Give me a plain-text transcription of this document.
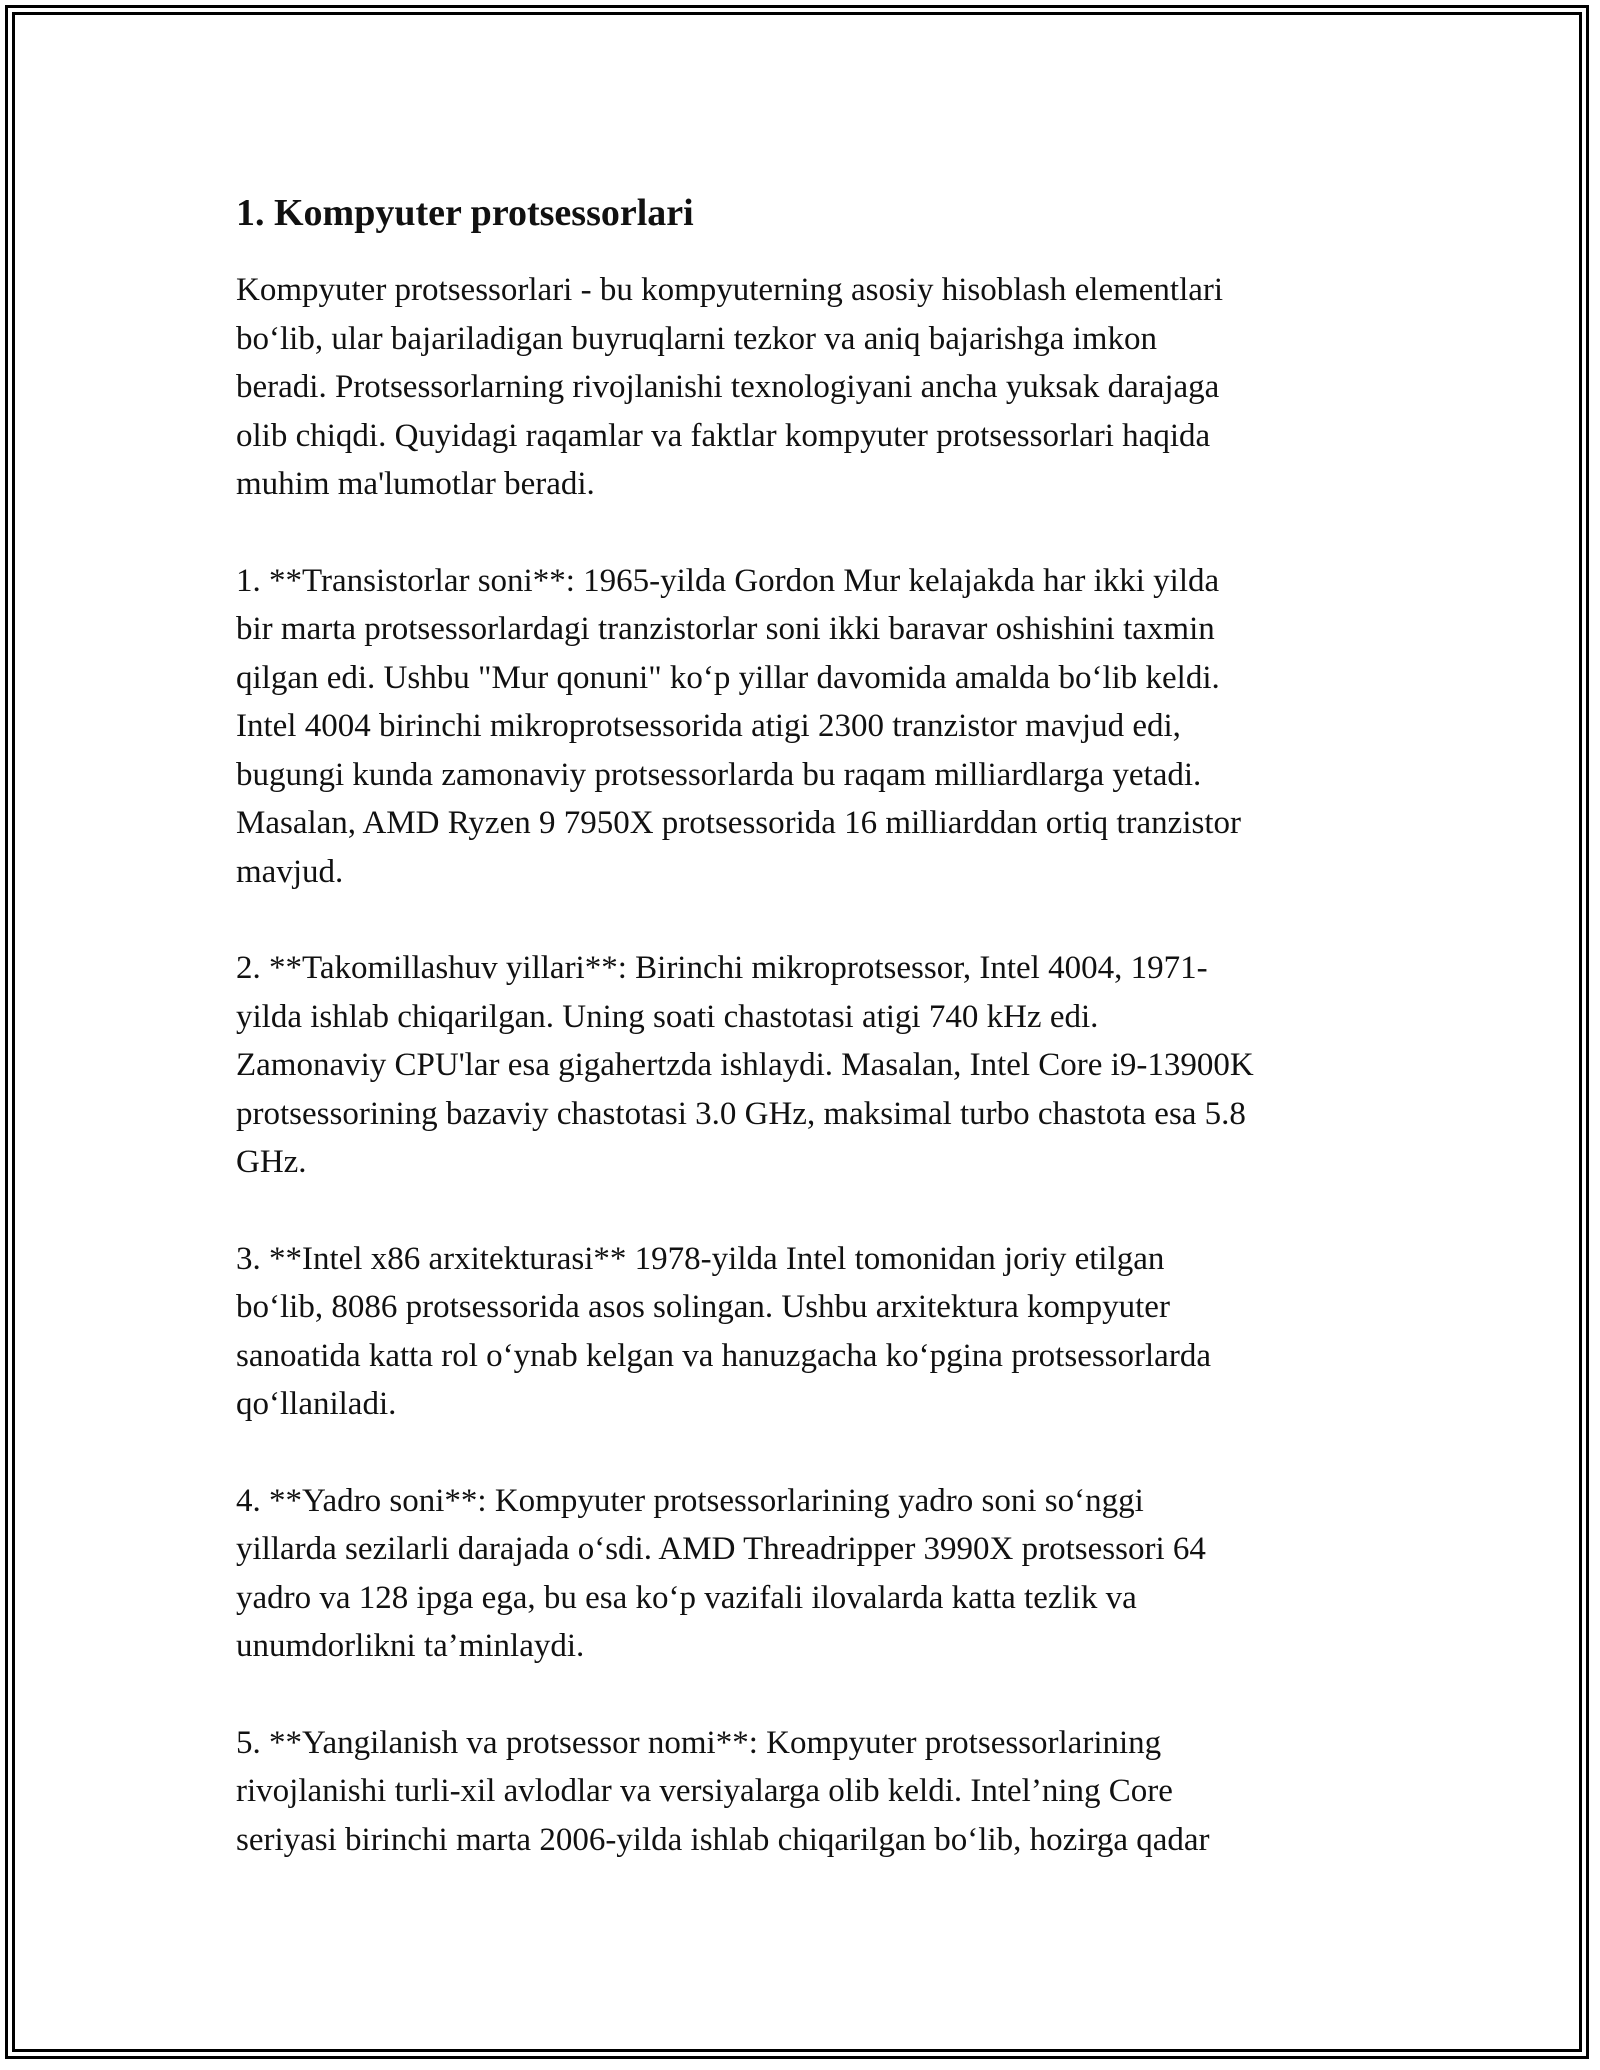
1. Kompyuter protsessorlari

Kompyuter protsessorlari - bu kompyuterning asosiy hisoblash elementlari
bo‘lib, ular bajariladigan buyruqlarni tezkor va aniq bajarishga imkon
beradi. Protsessorlarning rivojlanishi texnologiyani ancha yuksak darajaga
olib chiqdi. Quyidagi raqamlar va faktlar kompyuter protsessorlari haqida
muhim ma'lumotlar beradi.

1. **Transistorlar soni**: 1965-yilda Gordon Mur kelajakda har ikki yilda
bir marta protsessorlardagi tranzistorlar soni ikki baravar oshishini taxmin
qilgan edi. Ushbu "Mur qonuni" ko‘p yillar davomida amalda bo‘lib keldi.
Intel 4004 birinchi mikroprotsessorida atigi 2300 tranzistor mavjud edi,
bugungi kunda zamonaviy protsessorlarda bu raqam milliardlarga yetadi.
Masalan, AMD Ryzen 9 7950X protsessorida 16 milliarddan ortiq tranzistor
mavjud.

2. **Takomillashuv yillari**: Birinchi mikroprotsessor, Intel 4004, 1971-
yilda ishlab chiqarilgan. Uning soati chastotasi atigi 740 kHz edi.
Zamonaviy CPU'lar esa gigahertzda ishlaydi. Masalan, Intel Core i9-13900K
protsessorining bazaviy chastotasi 3.0 GHz, maksimal turbo chastota esa 5.8
GHz.

3. **Intel x86 arxitekturasi** 1978-yilda Intel tomonidan joriy etilgan
bo‘lib, 8086 protsessorida asos solingan. Ushbu arxitektura kompyuter
sanoatida katta rol o‘ynab kelgan va hanuzgacha ko‘pgina protsessorlarda
qo‘llaniladi.

4. **Yadro soni**: Kompyuter protsessorlarining yadro soni so‘nggi
yillarda sezilarli darajada o‘sdi. AMD Threadripper 3990X protsessori 64
yadro va 128 ipga ega, bu esa ko‘p vazifali ilovalarda katta tezlik va
unumdorlikni ta’minlaydi.

5. **Yangilanish va protsessor nomi**: Kompyuter protsessorlarining
rivojlanishi turli-xil avlodlar va versiyalarga olib keldi. Intel’ning Core
seriyasi birinchi marta 2006-yilda ishlab chiqarilgan bo‘lib, hozirga qadar
